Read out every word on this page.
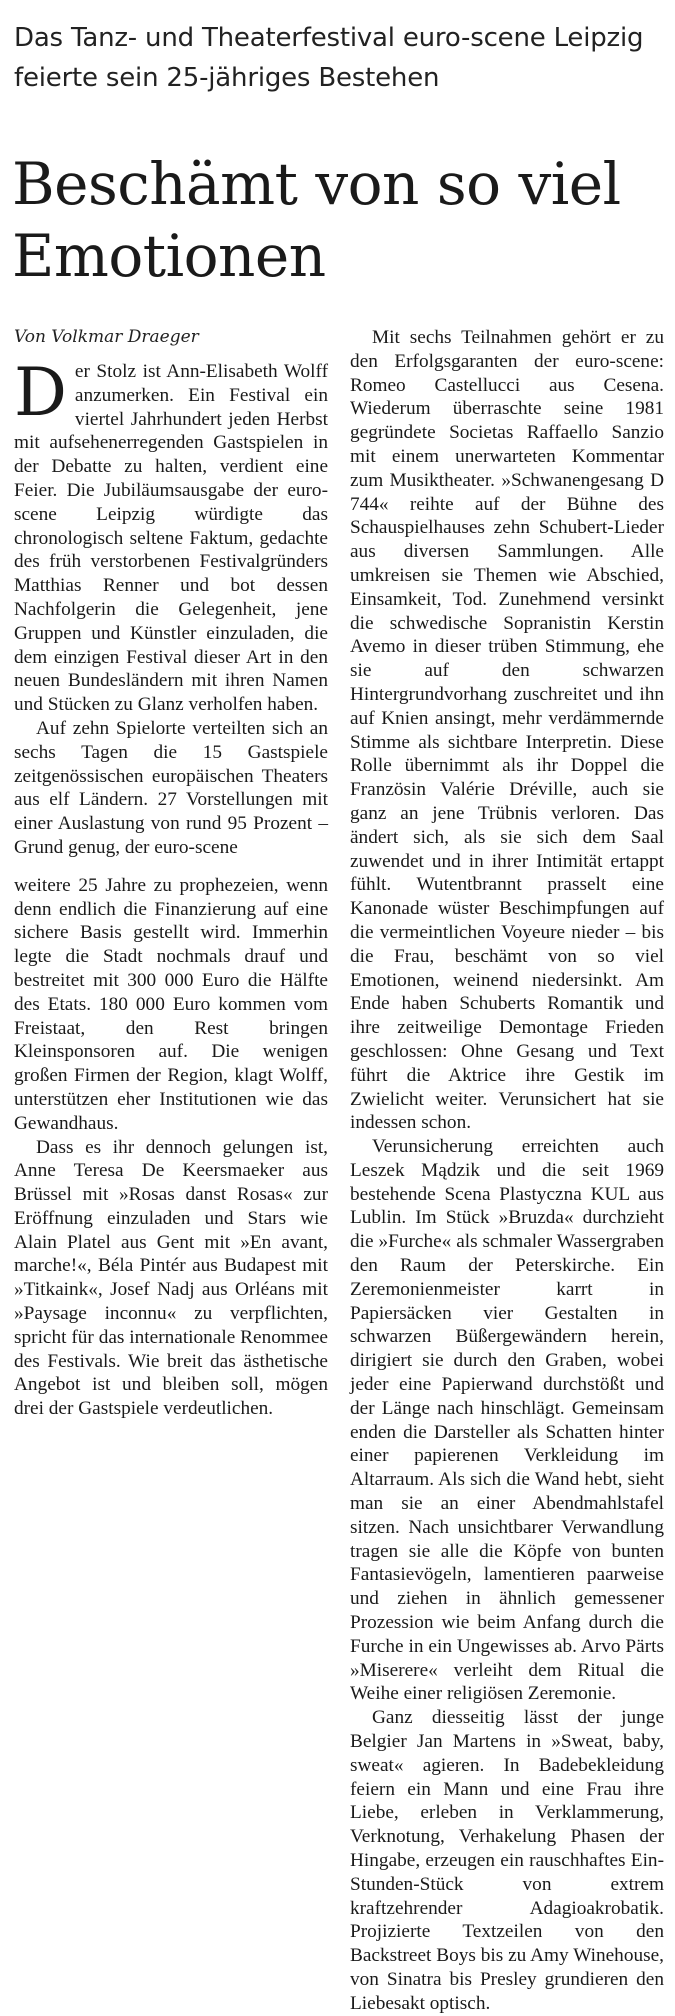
Das Tanz- und Theaterfestival euro-scene Leipzig
feierte sein 25-jähriges Bestehen
Beschämt von so viel
Emotionen
Von Volkmar Draeger

Der Stolz ist Ann-Elisabeth Wolff anzumerken. Ein Festival ein viertel Jahrhundert jeden Herbst mit aufsehenerregenden Gastspielen in der Debatte zu halten, verdient eine Feier. Die Jubiläumsausgabe der euro-scene Leipzig würdigte das chronologisch seltene Faktum, gedachte des früh verstorbenen Festivalgründers Matthias Renner und bot dessen Nachfolgerin die Gelegenheit, jene Gruppen und Künstler einzuladen, die dem einzigen Festival dieser Art in den neuen Bundesländern mit ihren Namen und Stücken zu Glanz verholfen haben.

Auf zehn Spielorte verteilten sich an sechs Tagen die 15 Gastspiele zeitgenössischen europäischen Theaters aus elf Ländern. 27 Vorstellungen mit einer Auslastung von rund 95 Prozent – Grund genug, der euro-scene

weitere 25 Jahre zu prophezeien, wenn denn endlich die Finanzierung auf eine sichere Basis gestellt wird. Immerhin legte die Stadt nochmals drauf und bestreitet mit 300 000 Euro die Hälfte des Etats. 180 000 Euro kommen vom Freistaat, den Rest bringen Kleinsponsoren auf. Die wenigen großen Firmen der Region, klagt Wolff, unterstützen eher Institutionen wie das Gewandhaus.

Dass es ihr dennoch gelungen ist, Anne Teresa De Keersmaeker aus Brüssel mit »Rosas danst Rosas« zur Eröffnung einzuladen und Stars wie Alain Platel aus Gent mit »En avant, marche!«, Béla Pintér aus Budapest mit »Titkaink«, Josef Nadj aus Orléans mit »Paysage inconnu« zu verpflichten, spricht für das internationale Renommee des Festivals. Wie breit das ästhetische Angebot ist und bleiben soll, mögen drei der Gastspiele verdeutlichen.

Mit sechs Teilnahmen gehört er zu den Erfolgsgaranten der euro-scene: Romeo Castellucci aus Cesena. Wiederum überraschte seine 1981 gegründete Societas Raffaello Sanzio mit einem unerwarteten Kommentar zum Musiktheater. »Schwanengesang D 744« reihte auf der Bühne des Schauspielhauses zehn Schubert-Lieder aus diversen Sammlungen. Alle umkreisen sie Themen wie Abschied, Einsamkeit, Tod. Zunehmend versinkt die schwedische Sopranistin Kerstin Avemo in dieser trüben Stimmung, ehe sie auf den schwarzen Hintergrundvorhang zuschreitet und ihn auf Knien ansingt, mehr verdämmernde Stimme als sichtbare Interpretin. Diese Rolle übernimmt als ihr Doppel die Französin Valérie Dréville, auch sie ganz an jene Trübnis verloren. Das ändert sich, als sie sich dem Saal zuwendet und in ihrer Intimität ertappt fühlt. Wutentbrannt prasselt eine Kanonade wüster Beschimpfungen auf die vermeintlichen Voyeure nieder – bis die Frau, beschämt von so viel Emotionen, weinend niedersinkt. Am Ende haben Schuberts Romantik und ihre zeitweilige Demontage Frieden geschlossen: Ohne Gesang und Text führt die Aktrice ihre Gestik im Zwielicht weiter. Verunsichert hat sie indessen schon.

Verunsicherung erreichten auch Leszek Mądzik und die seit 1969 bestehende Scena Plastyczna KUL aus Lublin. Im Stück »Bruzda« durchzieht die »Furche« als schmaler Wassergraben den Raum der Peterskirche. Ein Zeremonienmeister karrt in Papiersäcken vier Gestalten in schwarzen Büßergewändern herein, dirigiert sie durch den Graben, wobei jeder eine Papierwand durchstößt und der Länge nach hinschlägt. Gemeinsam enden die Darsteller als Schatten hinter einer papierenen Verkleidung im Altarraum. Als sich die Wand hebt, sieht man sie an einer Abendmahlstafel sitzen. Nach unsichtbarer Verwandlung tragen sie alle die Köpfe von bunten Fantasievögeln, lamentieren paarweise und ziehen in ähnlich gemessener Prozession wie beim Anfang durch die Furche in ein Ungewisses ab. Arvo Pärts »Miserere« verleiht dem Ritual die Weihe einer religiösen Zeremonie.

Ganz diesseitig lässt der junge Belgier Jan Martens in »Sweat, baby, sweat« agieren. In Badebekleidung feiern ein Mann und eine Frau ihre Liebe, erleben in Verklammerung, Verknotung, Verhakelung Phasen der Hingabe, erzeugen ein rauschhaftes Ein-Stunden-Stück von extrem kraftzehrender Adagioakrobatik. Projizierte Textzeilen von den Backstreet Boys bis zu Amy Winehouse, von Sinatra bis Presley grundieren den Liebesakt optisch.
